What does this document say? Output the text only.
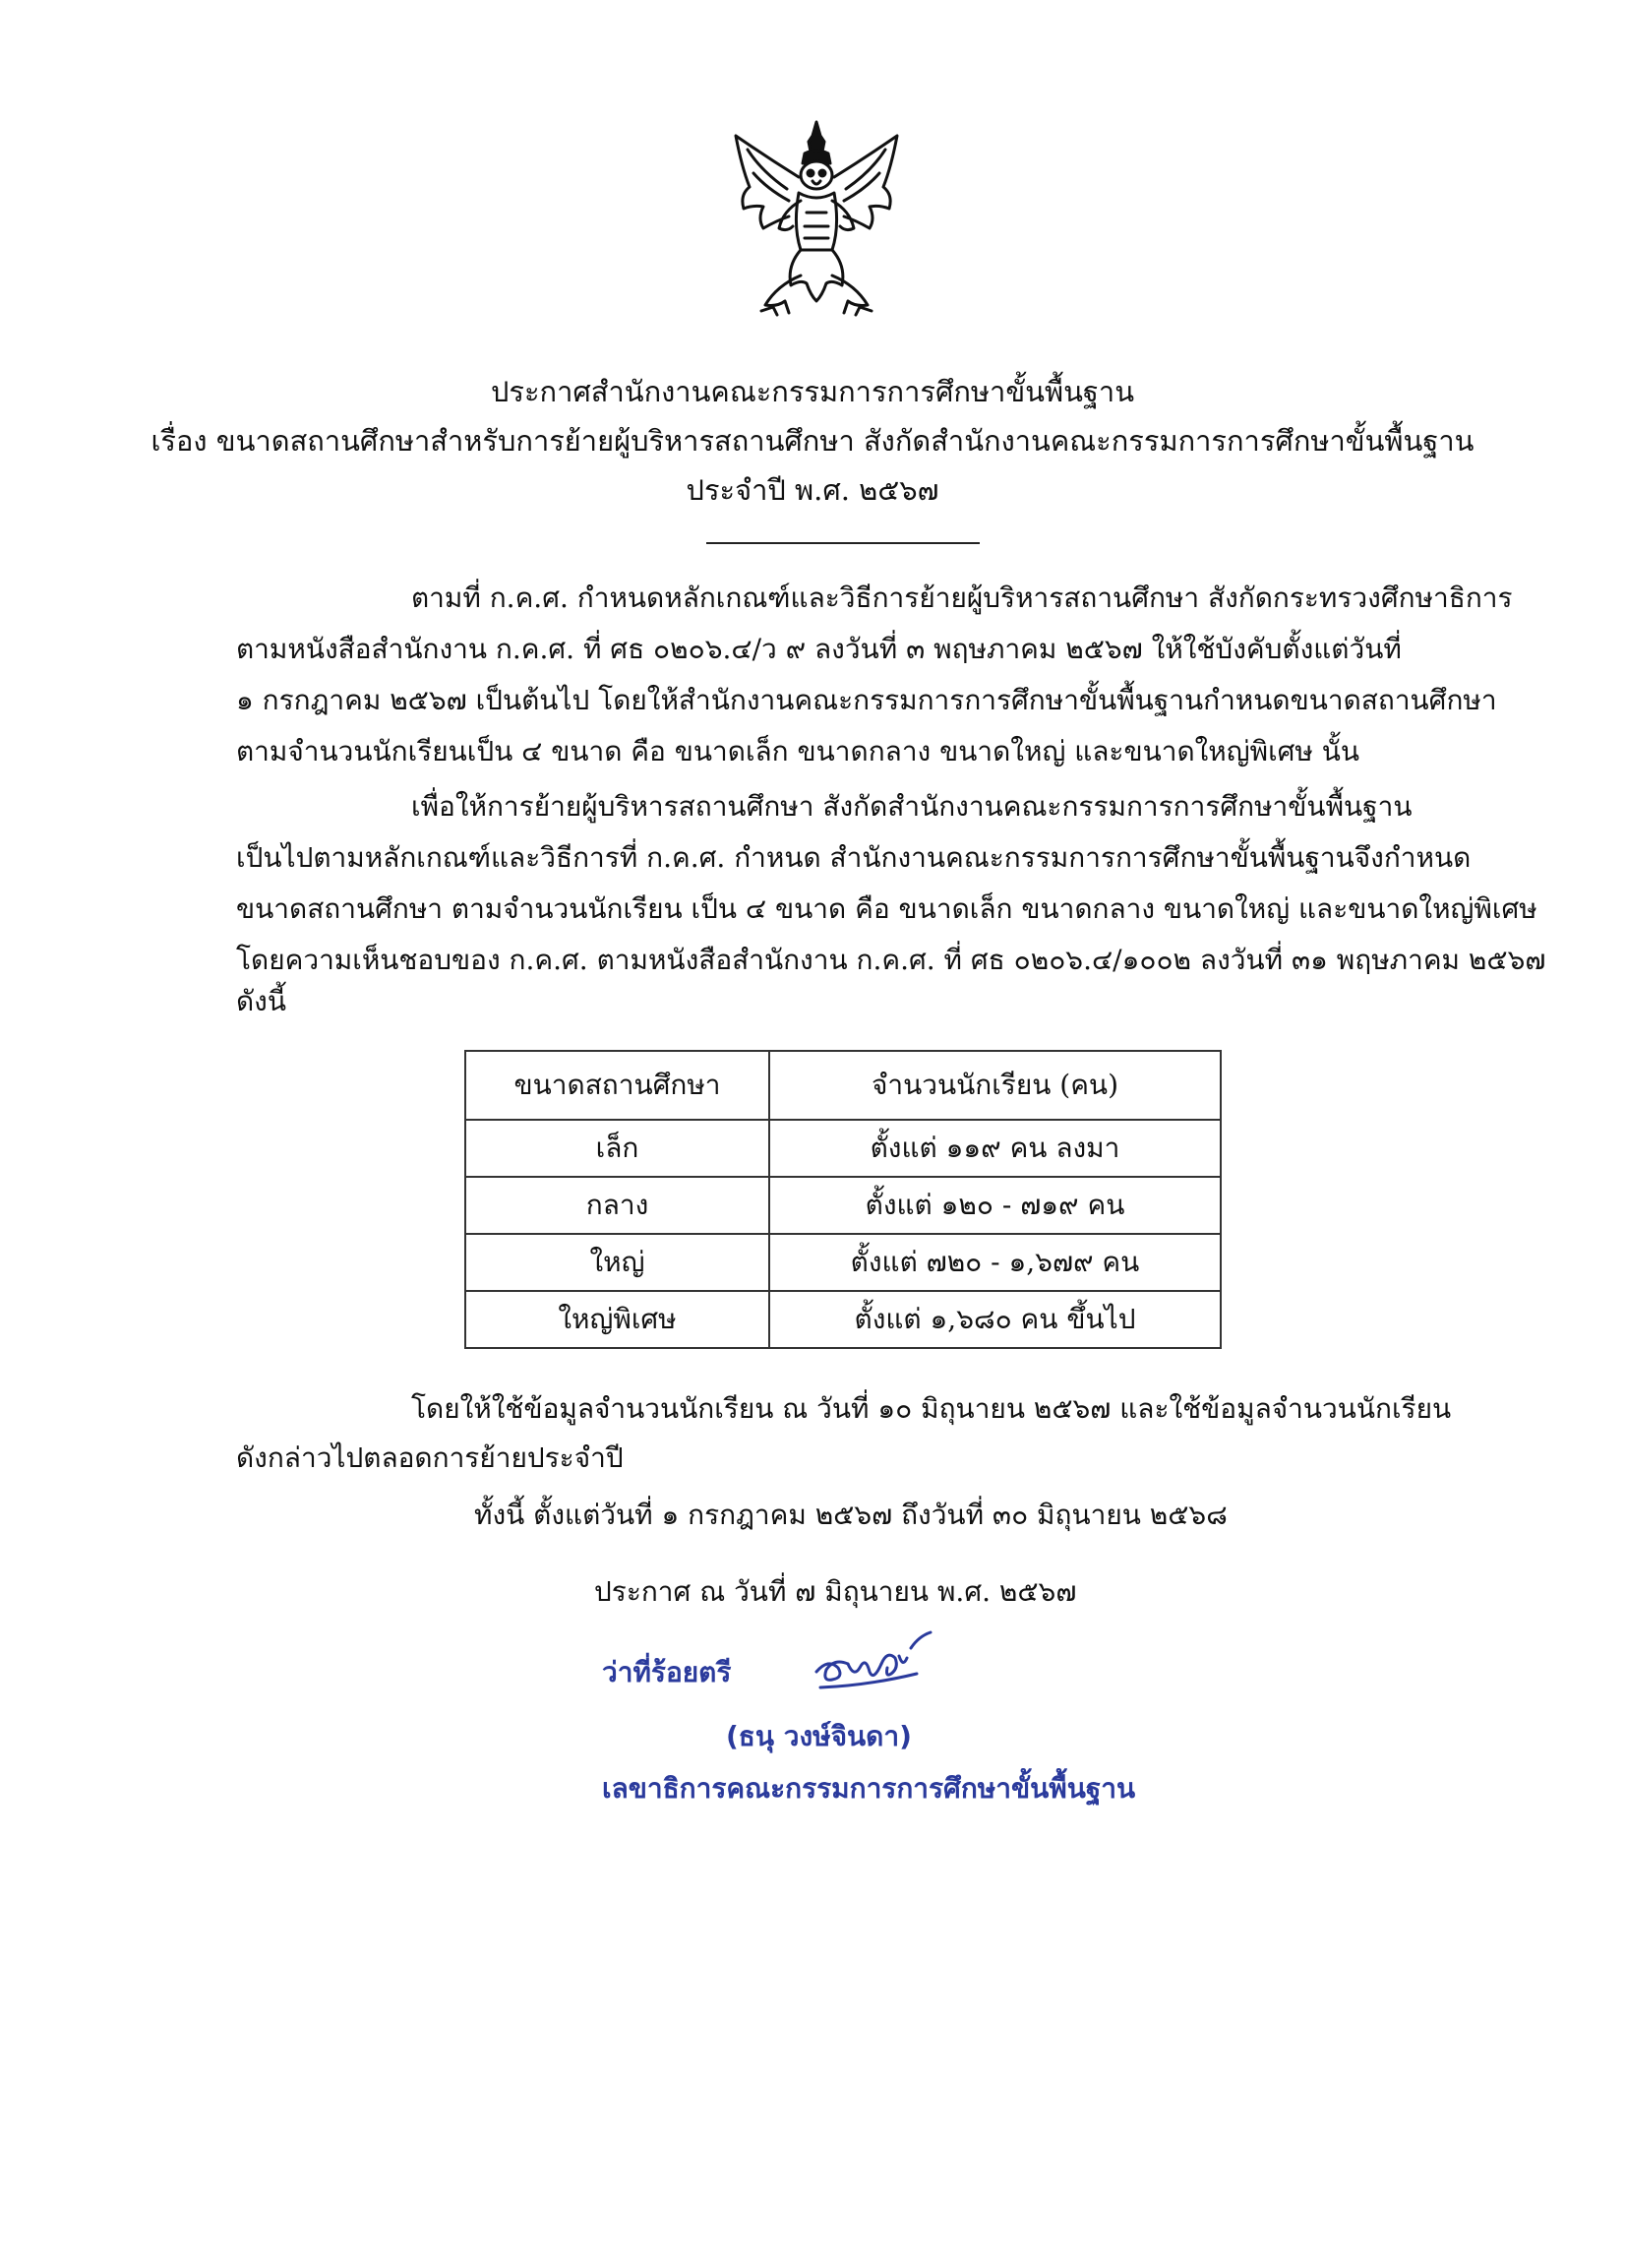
ประกาศสำนักงานคณะกรรมการการศึกษาขั้นพื้นฐาน
เรื่อง ขนาดสถานศึกษาสำหรับการย้ายผู้บริหารสถานศึกษา สังกัดสำนักงานคณะกรรมการการศึกษาขั้นพื้นฐาน
ประจำปี พ.ศ. ๒๕๖๗
ตามที่ ก.ค.ศ. กำหนดหลักเกณฑ์และวิธีการย้ายผู้บริหารสถานศึกษา สังกัดกระทรวงศึกษาธิการ
ตามหนังสือสำนักงาน ก.ค.ศ. ที่ ศธ ๐๒๐๖.๔/ว ๙ ลงวันที่ ๓ พฤษภาคม ๒๕๖๗ ให้ใช้บังคับตั้งแต่วันที่
๑ กรกฎาคม ๒๕๖๗ เป็นต้นไป โดยให้สำนักงานคณะกรรมการการศึกษาขั้นพื้นฐานกำหนดขนาดสถานศึกษา
ตามจำนวนนักเรียนเป็น ๔ ขนาด คือ ขนาดเล็ก ขนาดกลาง ขนาดใหญ่ และขนาดใหญ่พิเศษ นั้น
เพื่อให้การย้ายผู้บริหารสถานศึกษา สังกัดสำนักงานคณะกรรมการการศึกษาขั้นพื้นฐาน
เป็นไปตามหลักเกณฑ์และวิธีการที่ ก.ค.ศ. กำหนด สำนักงานคณะกรรมการการศึกษาขั้นพื้นฐานจึงกำหนด
ขนาดสถานศึกษา ตามจำนวนนักเรียน เป็น ๔ ขนาด คือ ขนาดเล็ก ขนาดกลาง ขนาดใหญ่ และขนาดใหญ่พิเศษ
โดยความเห็นชอบของ ก.ค.ศ. ตามหนังสือสำนักงาน ก.ค.ศ. ที่ ศธ ๐๒๐๖.๔/๑๐๐๒ ลงวันที่ ๓๑ พฤษภาคม ๒๕๖๗
ดังนี้
ขนาดสถานศึกษา	จำนวนนักเรียน (คน)
เล็ก	ตั้งแต่ ๑๑๙ คน ลงมา
กลาง	ตั้งแต่ ๑๒๐ - ๗๑๙ คน
ใหญ่	ตั้งแต่ ๗๒๐ - ๑,๖๗๙ คน
ใหญ่พิเศษ	ตั้งแต่ ๑,๖๘๐ คน ขึ้นไป
โดยให้ใช้ข้อมูลจำนวนนักเรียน ณ วันที่ ๑๐ มิถุนายน ๒๕๖๗ และใช้ข้อมูลจำนวนนักเรียน
ดังกล่าวไปตลอดการย้ายประจำปี
ทั้งนี้ ตั้งแต่วันที่ ๑ กรกฎาคม ๒๕๖๗ ถึงวันที่ ๓๐ มิถุนายน ๒๕๖๘
ประกาศ ณ วันที่ ๗ มิถุนายน พ.ศ. ๒๕๖๗
ว่าที่ร้อยตรี
(ธนุ วงษ์จินดา)
เลขาธิการคณะกรรมการการศึกษาขั้นพื้นฐาน
